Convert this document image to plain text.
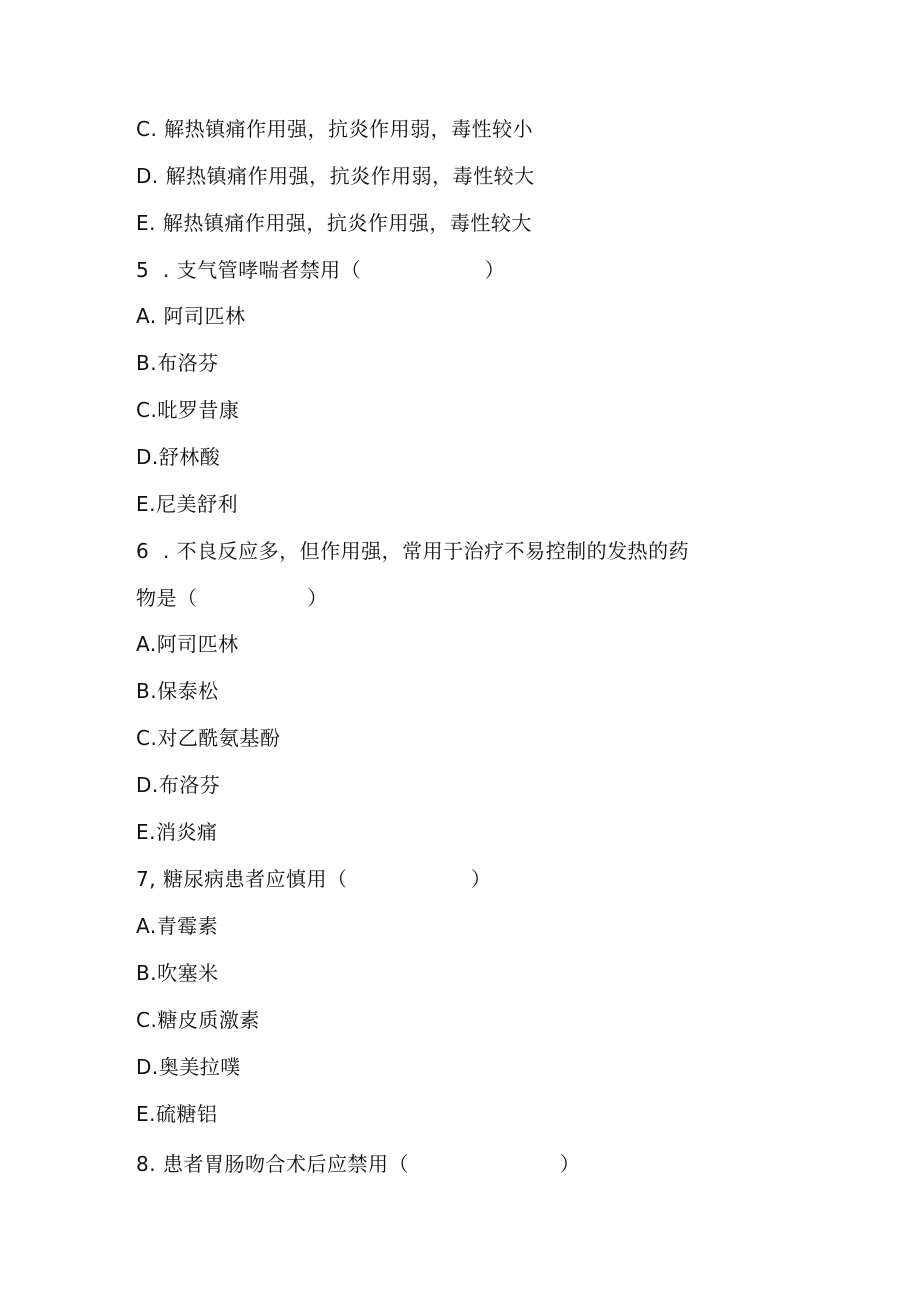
C. 解热镇痛作用强，抗炎作用弱，毒性较小
D. 解热镇痛作用强，抗炎作用弱，毒性较大
E. 解热镇痛作用强，抗炎作用强，毒性较大
5  . 支气管哮喘者禁用（                  ）
A. 阿司匹林
B.布洛芬
C.吡罗昔康
D.舒林酸
E.尼美舒利
6  . 不良反应多，但作用强，常用于治疗不易控制的发热的药
物是（                ）
A.阿司匹林
B.保泰松
C.对乙酰氨基酚
D.布洛芬
E.消炎痛
7, 糖尿病患者应慎用（                  ）
A.青霉素
B.吹塞米
C.糖皮质激素
D.奥美拉噗
E.硫糖铝
8. 患者胃肠吻合术后应禁用（                      ）
